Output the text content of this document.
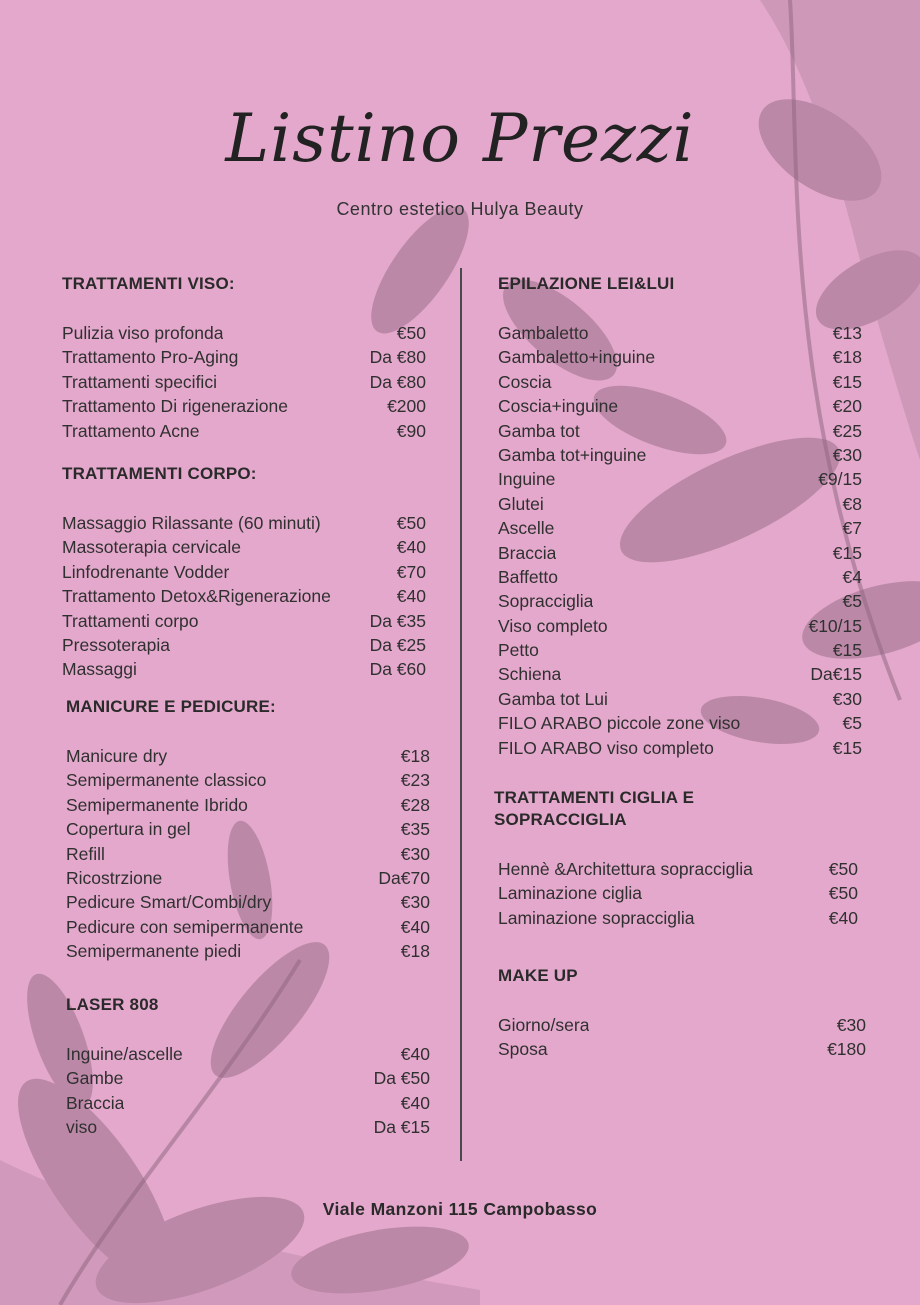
Listino Prezzi
Centro estetico Hulya Beauty
TRATTAMENTI VISO:
Pulizia viso profonda	€50
Trattamento Pro-Aging	Da €80
Trattamenti specifici	Da €80
Trattamento Di rigenerazione	€200
Trattamento Acne	€90
TRATTAMENTI CORPO:
Massaggio Rilassante (60 minuti)	€50
Massoterapia cervicale	€40
Linfodrenante Vodder	€70
Trattamento Detox&Rigenerazione	€40
Trattamenti corpo	Da €35
Pressoterapia	Da €25
Massaggi	Da €60
MANICURE E PEDICURE:
Manicure dry	€18
Semipermanente classico	€23
Semipermanente Ibrido	€28
Copertura in gel	€35
Refill	€30
Ricostrzione	Da€70
Pedicure Smart/Combi/dry	€30
Pedicure con semipermanente	€40
Semipermanente piedi	€18
LASER 808
Inguine/ascelle	€40
Gambe	Da €50
Braccia	€40
viso	Da €15
EPILAZIONE LEI&LUI
Gambaletto	€13
Gambaletto+inguine	€18
Coscia	€15
Coscia+inguine	€20
Gamba tot	€25
Gamba tot+inguine	€30
Inguine	€9/15
Glutei	€8
Ascelle	€7
Braccia	€15
Baffetto	€4
Sopracciglia	€5
Viso completo	€10/15
Petto	€15
Schiena	Da€15
Gamba tot Lui	€30
FILO ARABO piccole zone viso	€5
FILO ARABO viso completo	€15
TRATTAMENTI CIGLIA E SOPRACCIGLIA
Hennè &Architettura sopracciglia	€50
Laminazione ciglia	€50
Laminazione sopracciglia	€40
MAKE UP
Giorno/sera	€30
Sposa	€180
Viale Manzoni 115 Campobasso
